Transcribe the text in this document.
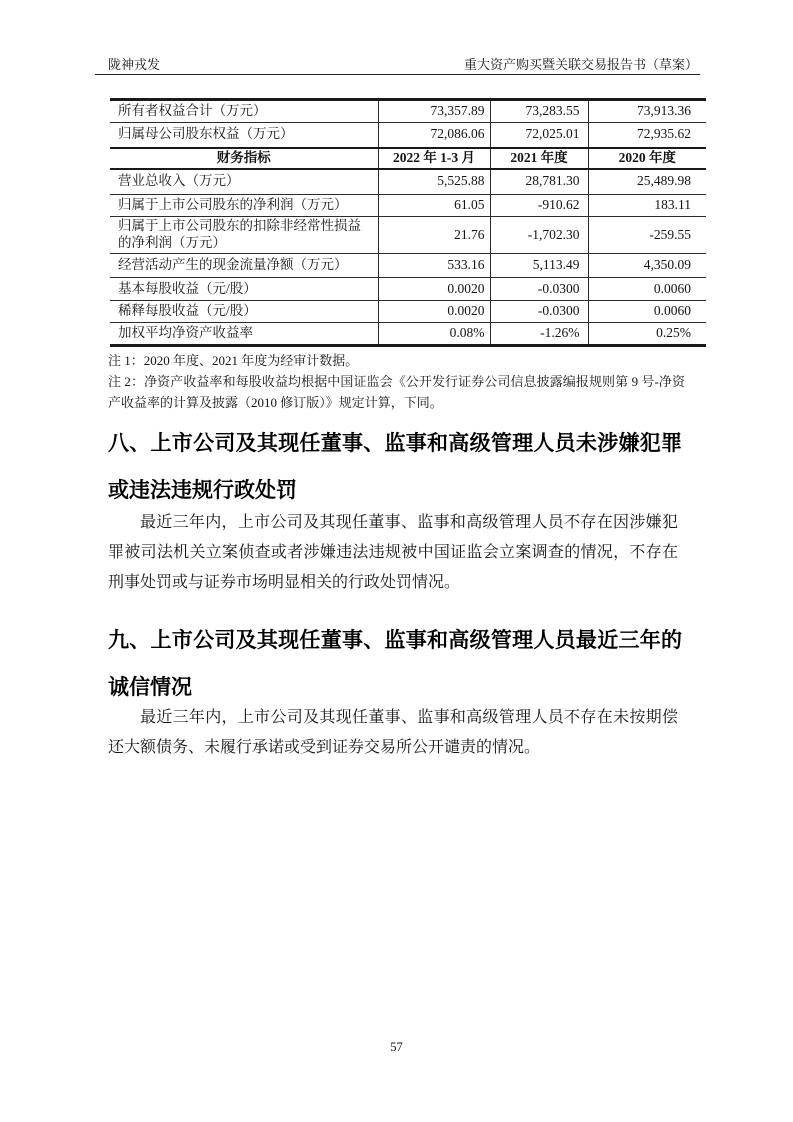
陇神戎发	重大资产购买暨关联交易报告书（草案）
所有者权益合计（万元）	73,357.89	73,283.55	73,913.36
归属母公司股东权益（万元）	72,086.06	72,025.01	72,935.62
财务指标	2022 年 1-3 月	2021 年度	2020 年度
营业总收入（万元）	5,525.88	28,781.30	25,489.98
归属于上市公司股东的净利润（万元）	61.05	-910.62	183.11
归属于上市公司股东的扣除非经常性损益的净利润（万元）	21.76	-1,702.30	-259.55
经营活动产生的现金流量净额（万元）	533.16	5,113.49	4,350.09
基本每股收益（元/股）	0.0020	-0.0300	0.0060
稀释每股收益（元/股）	0.0020	-0.0300	0.0060
加权平均净资产收益率	0.08%	-1.26%	0.25%

注 1：2020 年度、2021 年度为经审计数据。

注 2：净资产收益率和每股收益均根据中国证监会《公开发行证券公司信息披露编报规则第 9 号-净资产收益率的计算及披露（2010 修订版）》规定计算，下同。

八、上市公司及其现任董事、监事和高级管理人员未涉嫌犯罪或违法违规行政处罚

最近三年内，上市公司及其现任董事、监事和高级管理人员不存在因涉嫌犯罪被司法机关立案侦查或者涉嫌违法违规被中国证监会立案调查的情况，不存在刑事处罚或与证券市场明显相关的行政处罚情况。

九、上市公司及其现任董事、监事和高级管理人员最近三年的诚信情况

最近三年内，上市公司及其现任董事、监事和高级管理人员不存在未按期偿还大额债务、未履行承诺或受到证券交易所公开谴责的情况。

57
